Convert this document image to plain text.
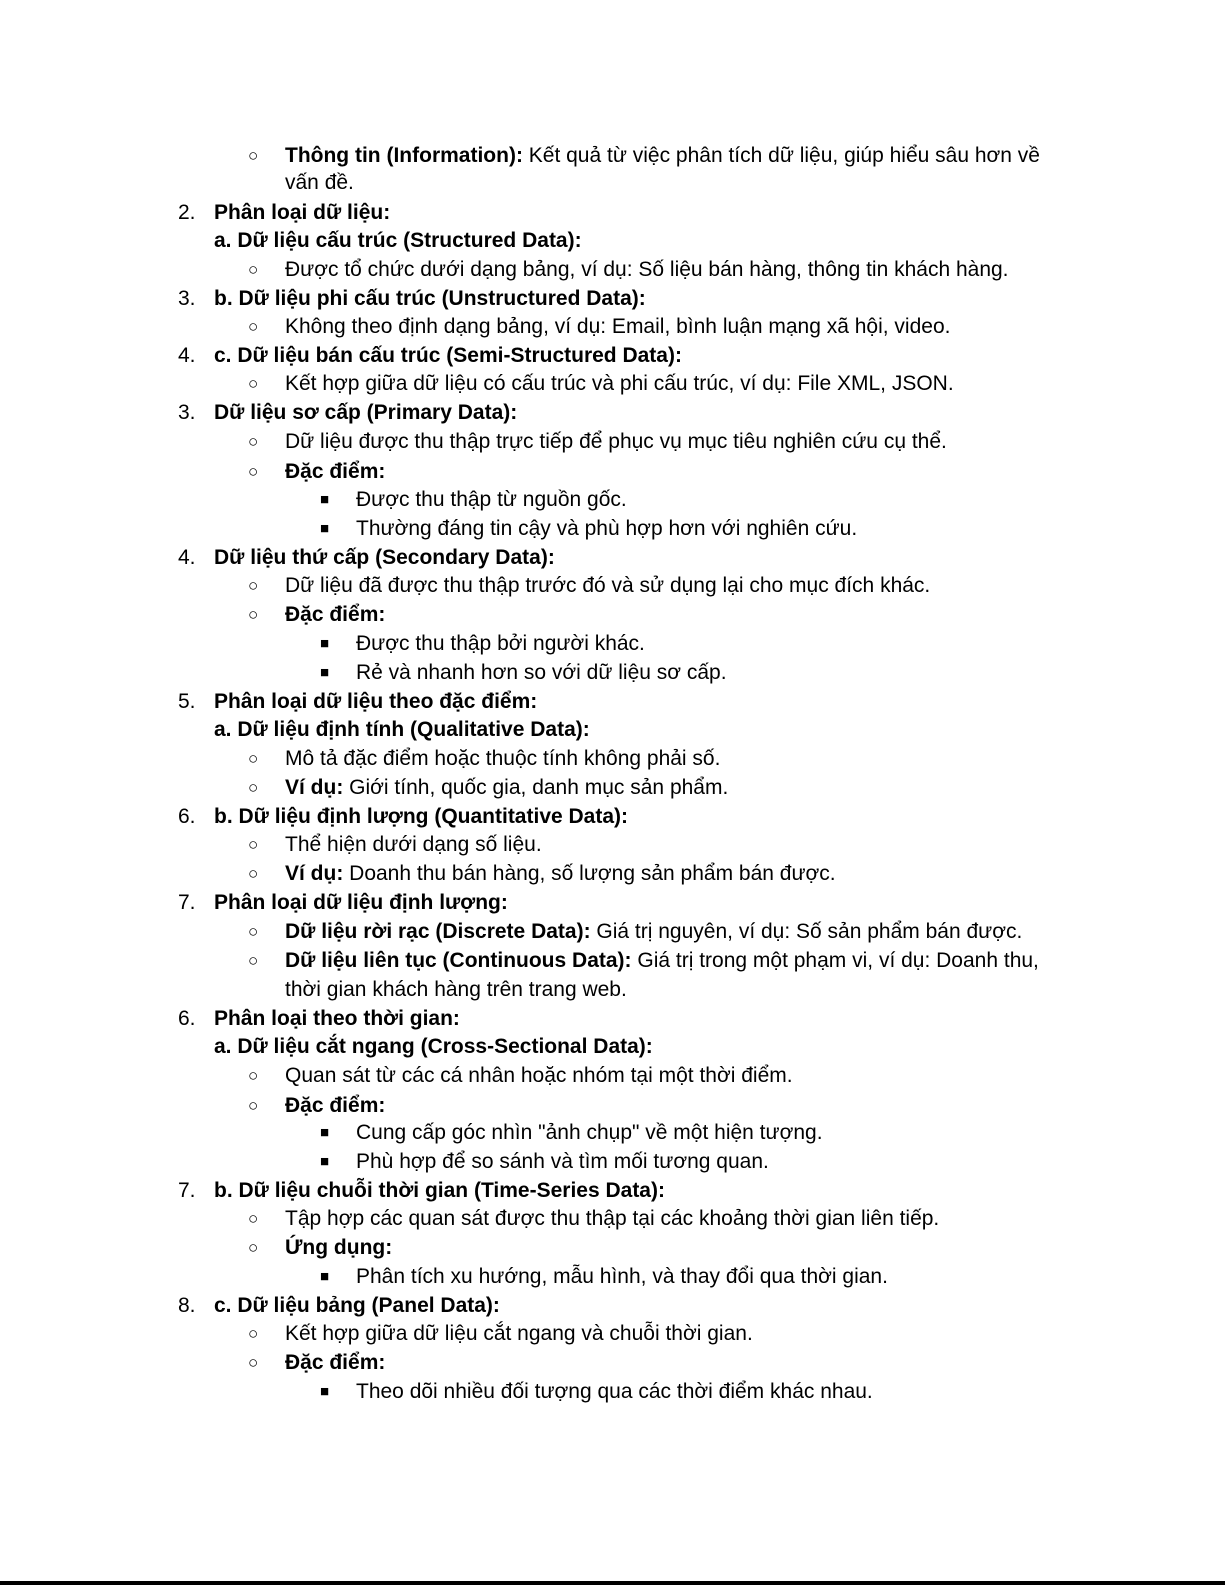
○ Thông tin (Information): Kết quả từ việc phân tích dữ liệu, giúp hiểu sâu hơn về
vấn đề.
2. Phân loại dữ liệu:
a. Dữ liệu cấu trúc (Structured Data):
○ Được tổ chức dưới dạng bảng, ví dụ: Số liệu bán hàng, thông tin khách hàng.
3. b. Dữ liệu phi cấu trúc (Unstructured Data):
○ Không theo định dạng bảng, ví dụ: Email, bình luận mạng xã hội, video.
4. c. Dữ liệu bán cấu trúc (Semi-Structured Data):
○ Kết hợp giữa dữ liệu có cấu trúc và phi cấu trúc, ví dụ: File XML, JSON.
3. Dữ liệu sơ cấp (Primary Data):
○ Dữ liệu được thu thập trực tiếp để phục vụ mục tiêu nghiên cứu cụ thể.
○ Đặc điểm:
■ Được thu thập từ nguồn gốc.
■ Thường đáng tin cậy và phù hợp hơn với nghiên cứu.
4. Dữ liệu thứ cấp (Secondary Data):
○ Dữ liệu đã được thu thập trước đó và sử dụng lại cho mục đích khác.
○ Đặc điểm:
■ Được thu thập bởi người khác.
■ Rẻ và nhanh hơn so với dữ liệu sơ cấp.
5. Phân loại dữ liệu theo đặc điểm:
a. Dữ liệu định tính (Qualitative Data):
○ Mô tả đặc điểm hoặc thuộc tính không phải số.
○ Ví dụ: Giới tính, quốc gia, danh mục sản phẩm.
6. b. Dữ liệu định lượng (Quantitative Data):
○ Thể hiện dưới dạng số liệu.
○ Ví dụ: Doanh thu bán hàng, số lượng sản phẩm bán được.
7. Phân loại dữ liệu định lượng:
○ Dữ liệu rời rạc (Discrete Data): Giá trị nguyên, ví dụ: Số sản phẩm bán được.
○ Dữ liệu liên tục (Continuous Data): Giá trị trong một phạm vi, ví dụ: Doanh thu,
thời gian khách hàng trên trang web.
6. Phân loại theo thời gian:
a. Dữ liệu cắt ngang (Cross-Sectional Data):
○ Quan sát từ các cá nhân hoặc nhóm tại một thời điểm.
○ Đặc điểm:
■ Cung cấp góc nhìn "ảnh chụp" về một hiện tượng.
■ Phù hợp để so sánh và tìm mối tương quan.
7. b. Dữ liệu chuỗi thời gian (Time-Series Data):
○ Tập hợp các quan sát được thu thập tại các khoảng thời gian liên tiếp.
○ Ứng dụng:
■ Phân tích xu hướng, mẫu hình, và thay đổi qua thời gian.
8. c. Dữ liệu bảng (Panel Data):
○ Kết hợp giữa dữ liệu cắt ngang và chuỗi thời gian.
○ Đặc điểm:
■ Theo dõi nhiều đối tượng qua các thời điểm khác nhau.
